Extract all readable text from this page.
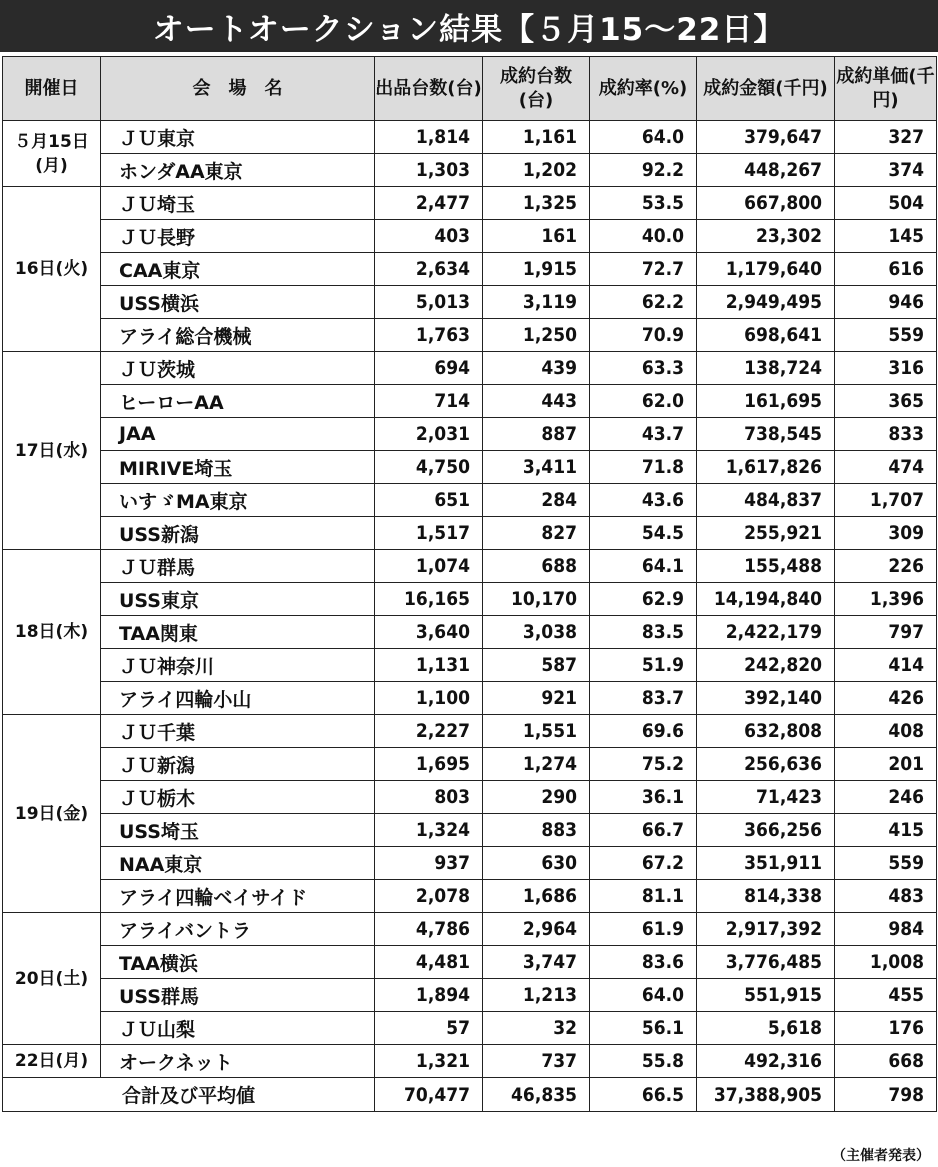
オートオークション結果【５月15〜22日】
開催日	会　場　名	出品台数(台)	成約台数(台)	成約率(%)	成約金額(千円)	成約単価(千円)
５月15日(月)	ＪＵ東京	1,814	1,161	64.0	379,647	327
	ホンダAA東京	1,303	1,202	92.2	448,267	374
16日(火)	ＪＵ埼玉	2,477	1,325	53.5	667,800	504
	ＪＵ長野	403	161	40.0	23,302	145
	CAA東京	2,634	1,915	72.7	1,179,640	616
	USS横浜	5,013	3,119	62.2	2,949,495	946
	アライ総合機械	1,763	1,250	70.9	698,641	559
17日(水)	ＪＵ茨城	694	439	63.3	138,724	316
	ヒーローAA	714	443	62.0	161,695	365
	JAA	2,031	887	43.7	738,545	833
	MIRIVE埼玉	4,750	3,411	71.8	1,617,826	474
	いすゞMA東京	651	284	43.6	484,837	1,707
	USS新潟	1,517	827	54.5	255,921	309
18日(木)	ＪＵ群馬	1,074	688	64.1	155,488	226
	USS東京	16,165	10,170	62.9	14,194,840	1,396
	TAA関東	3,640	3,038	83.5	2,422,179	797
	ＪＵ神奈川	1,131	587	51.9	242,820	414
	アライ四輪小山	1,100	921	83.7	392,140	426
19日(金)	ＪＵ千葉	2,227	1,551	69.6	632,808	408
	ＪＵ新潟	1,695	1,274	75.2	256,636	201
	ＪＵ栃木	803	290	36.1	71,423	246
	USS埼玉	1,324	883	66.7	366,256	415
	NAA東京	937	630	67.2	351,911	559
	アライ四輪ベイサイド	2,078	1,686	81.1	814,338	483
20日(土)	アライバントラ	4,786	2,964	61.9	2,917,392	984
	TAA横浜	4,481	3,747	83.6	3,776,485	1,008
	USS群馬	1,894	1,213	64.0	551,915	455
	ＪＵ山梨	57	32	56.1	5,618	176
22日(月)	オークネット	1,321	737	55.8	492,316	668
合計及び平均値		70,477	46,835	66.5	37,388,905	798
（主催者発表）
